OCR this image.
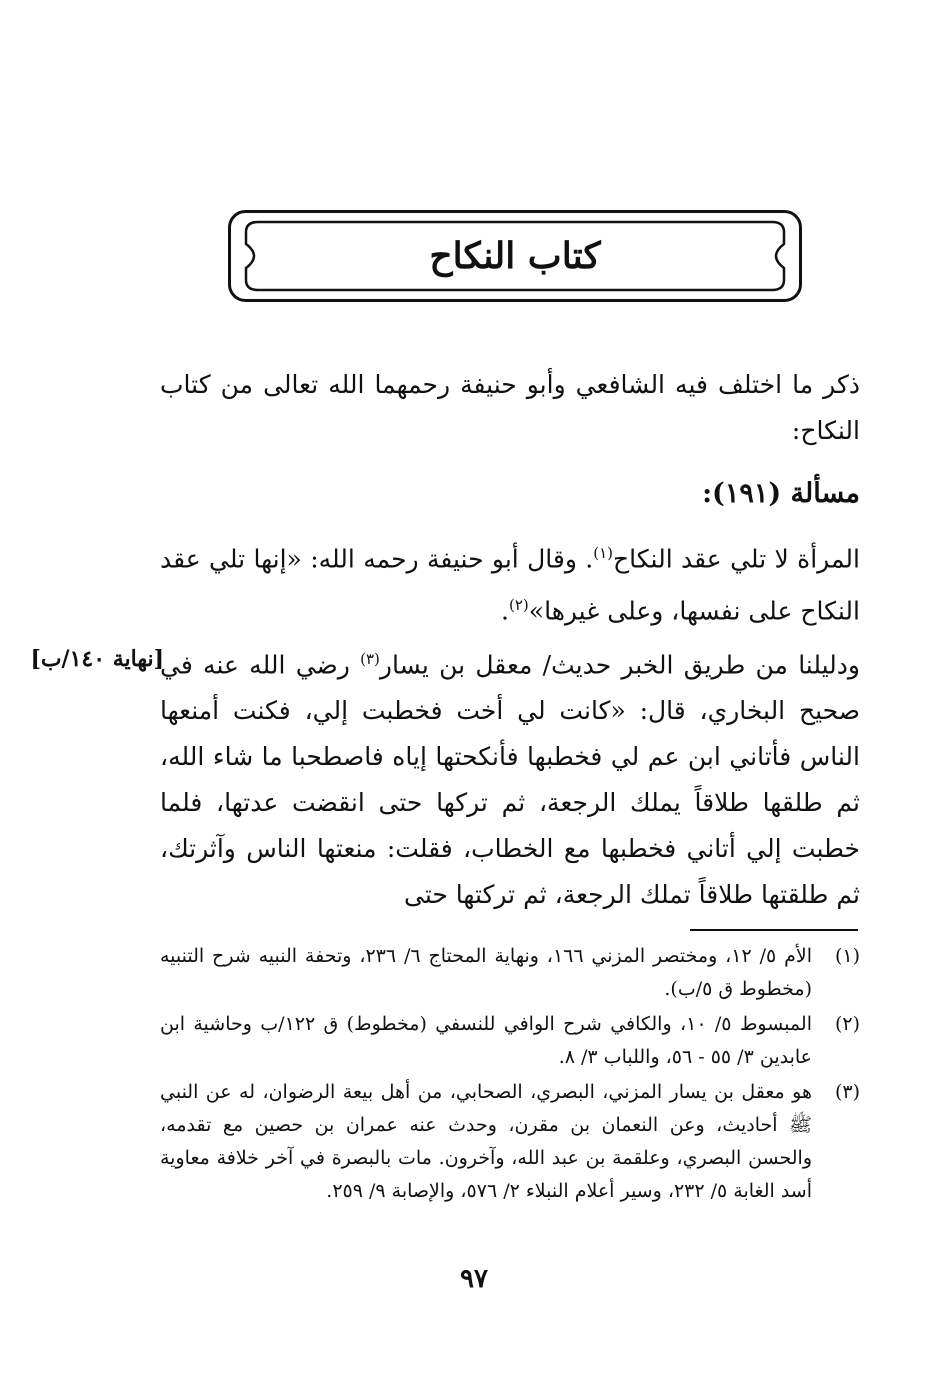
كتاب النكاح
ذكر ما اختلف فيه الشافعي وأبو حنيفة رحمهما الله تعالى من كتاب النكاح:
مسألة (١٩١):
المرأة لا تلي عقد النكاح$^{(١)}$. وقال أبو حنيفة رحمه الله: «إنها تلي عقد النكاح على نفسها، وعلى غيرها»$^{(٢)}$.
ودليلنا من طريق الخبر حديث/ معقل بن يسار$^{(٣)}$ رضي الله عنه في صحيح البخاري، قال: «كانت لي أخت فخطبت إلي، فكنت أمنعها الناس فأتاني ابن عم لي فخطبها فأنكحتها إياه فاصطحبا ما شاء الله، ثم طلقها طلاقاً يملك الرجعة، ثم تركها حتى انقضت عدتها، فلما خطبت إلي أتاني فخطبها مع الخطاب، فقلت: منعتها الناس وآثرتك، ثم طلقتها طلاقاً تملك الرجعة، ثم تركتها حتى
[نهاية ١٤٠/ب]
(١)
الأم ٥/ ١٢، ومختصر المزني ١٦٦، ونهاية المحتاج ٦/ ٢٣٦، وتحفة النبيه شرح التنبيه (مخطوط ق ٥/ب).
(٢)
المبسوط ٥/ ١٠، والكافي شرح الوافي للنسفي (مخطوط) ق ١٢٢/ب وحاشية ابن عابدين ٣/ ٥٥ - ٥٦، واللباب ٣/ ٨.
(٣)
هو معقل بن يسار المزني، البصري، الصحابي، من أهل بيعة الرضوان، له عن النبي ﷺ أحاديث، وعن النعمان بن مقرن، وحدث عنه عمران بن حصين مع تقدمه، والحسن البصري، وعلقمة بن عبد الله، وآخرون. مات بالبصرة في آخر خلافة معاوية أسد الغابة ٥/ ٢٣٢، وسير أعلام النبلاء ٢/ ٥٧٦، والإصابة ٩/ ٢٥٩.
٩٧
